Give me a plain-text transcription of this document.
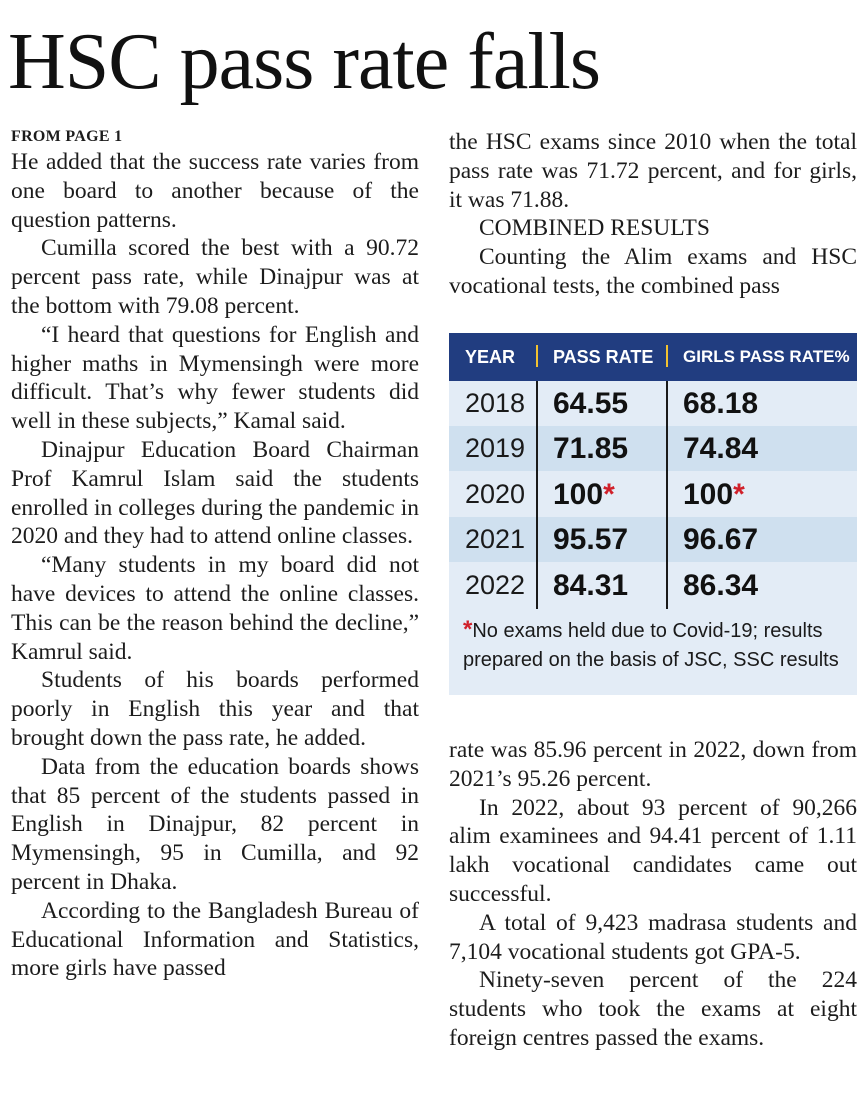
HSC pass rate falls
FROM PAGE 1

He added that the success rate varies from one board to another because of the question patterns.

Cumilla scored the best with a 90.72 percent pass rate, while Dinajpur was at the bottom with 79.08 percent.

“I heard that questions for English and higher maths in Mymensingh were more difficult. That’s why fewer students did well in these subjects,” Kamal said.

Dinajpur Education Board Chairman Prof Kamrul Islam said the students enrolled in colleges during the pandemic in 2020 and they had to attend online classes.

“Many students in my board did not have devices to attend the online classes. This can be the reason behind the decline,” Kamrul said.

Students of his boards performed poorly in English this year and that brought down the pass rate, he added.

Data from the education boards shows that 85 percent of the students passed in English in Dinajpur, 82 percent in Mymensingh, 95 in Cumilla, and 92 percent in Dhaka.

According to the Bangladesh Bureau of Educational Information and Statistics, more girls have passed

the HSC exams since 2010 when the total pass rate was 71.72 percent, and for girls, it was 71.88.

COMBINED RESULTS

Counting the Alim exams and HSC vocational tests, the combined pass

YEAR PASS RATE GIRLS PASS RATE%
2018 64.55 68.18
2019 71.85 74.84
2020 100* 100*
2021 95.57 96.67
2022 84.31 86.34
*No exams held due to Covid-19; results prepared on the basis of JSC, SSC results

rate was 85.96 percent in 2022, down from 2021’s 95.26 percent.

In 2022, about 93 percent of 90,266 alim examinees and 94.41 percent of 1.11 lakh vocational candidates came out successful.

A total of 9,423 madrasa students and 7,104 vocational students got GPA-5.

Ninety-seven percent of the 224 students who took the exams at eight foreign centres passed the exams.
